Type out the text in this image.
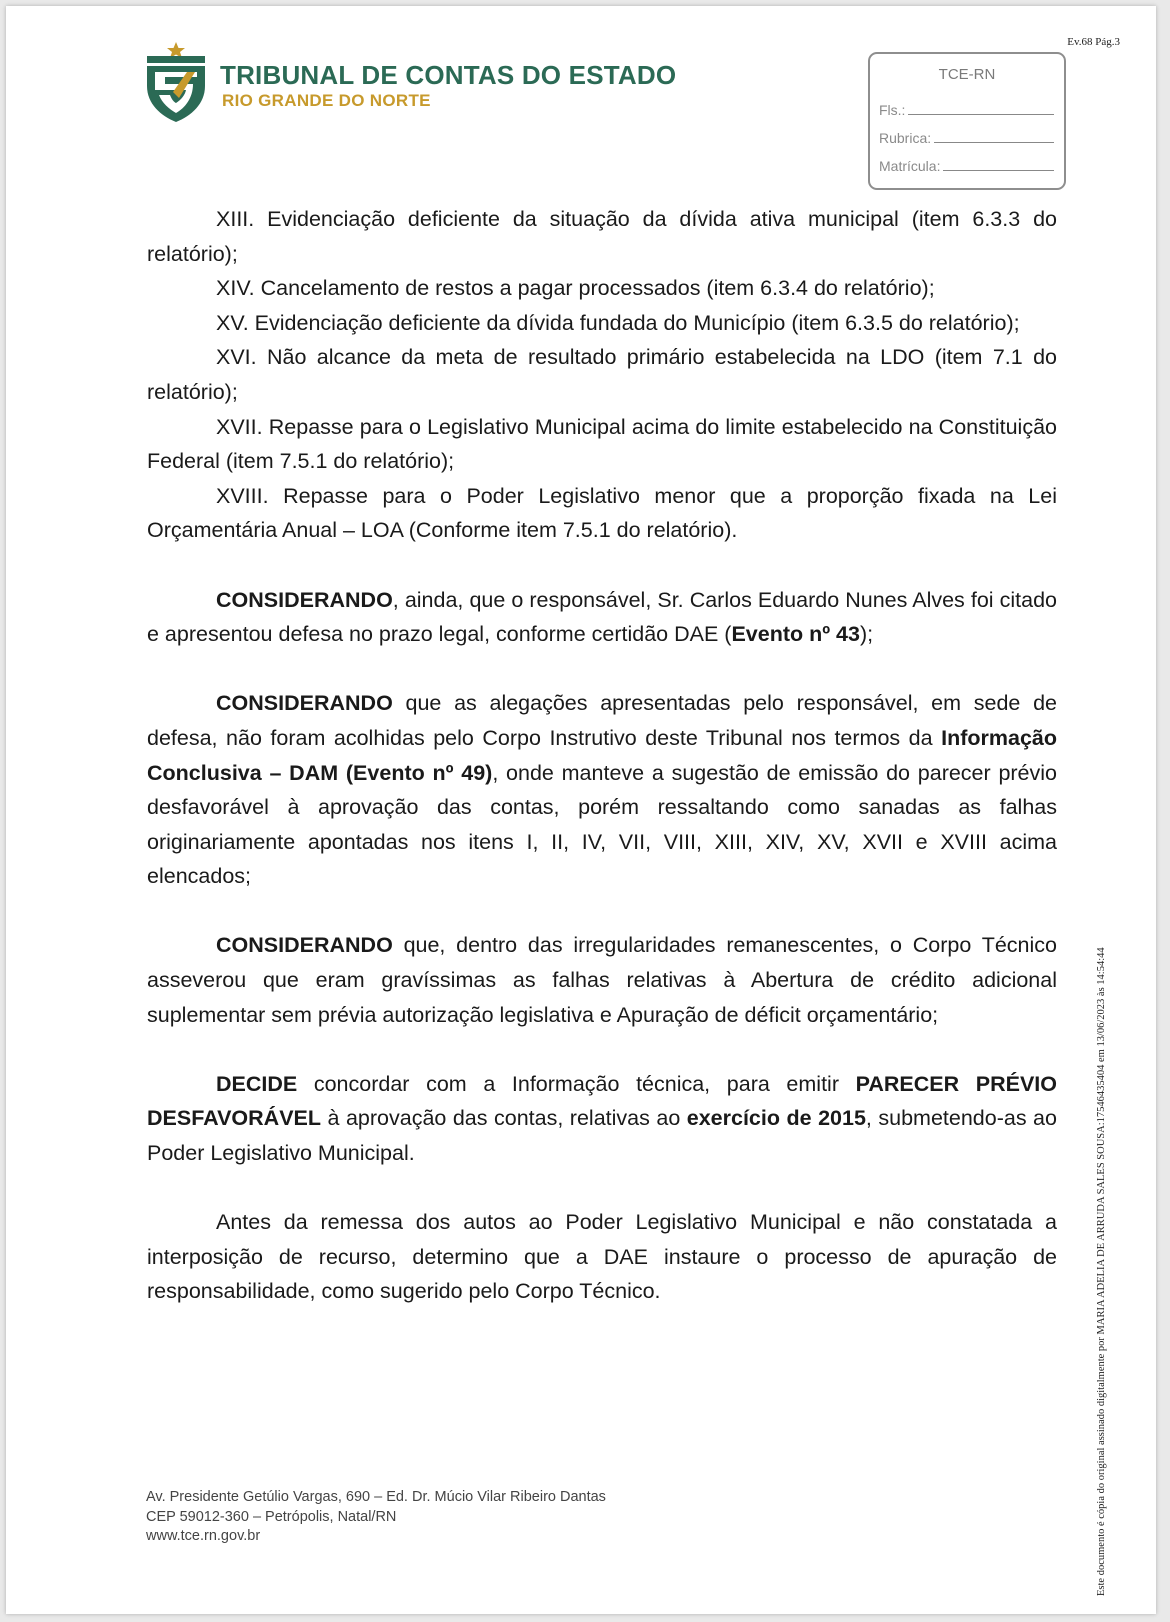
Ev.68 Pág.3
TRIBUNAL DE CONTAS DO ESTADO
RIO GRANDE DO NORTE
TCE-RN
Fls.:
Rubrica:
Matrícula:

XIII. Evidenciação deficiente da situação da dívida ativa municipal (item 6.3.3 do relatório);

XIV. Cancelamento de restos a pagar processados (item 6.3.4 do relatório);

XV. Evidenciação deficiente da dívida fundada do Município (item 6.3.5 do relatório);

XVI. Não alcance da meta de resultado primário estabelecida na LDO (item 7.1 do relatório);

XVII. Repasse para o Legislativo Municipal acima do limite estabelecido na Constituição Federal (item 7.5.1 do relatório);

XVIII. Repasse para o Poder Legislativo menor que a proporção fixada na Lei Orçamentária Anual – LOA (Conforme item 7.5.1 do relatório).

CONSIDERANDO, ainda, que o responsável, Sr. Carlos Eduardo Nunes Alves foi citado e apresentou defesa no prazo legal, conforme certidão DAE (Evento nº 43);

CONSIDERANDO que as alegações apresentadas pelo responsável, em sede de defesa, não foram acolhidas pelo Corpo Instrutivo deste Tribunal nos termos da Informação Conclusiva – DAM (Evento nº 49), onde manteve a sugestão de emissão do parecer prévio desfavorável à aprovação das contas, porém ressaltando como sanadas as falhas originariamente apontadas nos itens I, II, IV, VII, VIII, XIII, XIV, XV, XVII e XVIII acima elencados;

CONSIDERANDO que, dentro das irregularidades remanescentes, o Corpo Técnico asseverou que eram gravíssimas as falhas relativas à Abertura de crédito adicional suplementar sem prévia autorização legislativa e Apuração de déficit orçamentário;

DECIDE concordar com a Informação técnica, para emitir PARECER PRÉVIO DESFAVORÁVEL à aprovação das contas, relativas ao exercício de 2015, submetendo-as ao Poder Legislativo Municipal.

Antes da remessa dos autos ao Poder Legislativo Municipal e não constatada a interposição de recurso, determino que a DAE instaure o processo de apuração de responsabilidade, como sugerido pelo Corpo Técnico.

Av. Presidente Getúlio Vargas, 690 – Ed. Dr. Múcio Vilar Ribeiro Dantas
CEP 59012-360 – Petrópolis, Natal/RN
www.tce.rn.gov.br	Este documento é cópia do original assinado digitalmente por MARIA ADELIA DE ARRUDA SALES SOUSA:17546435404 em 13/06/2023 às 14:54:44
